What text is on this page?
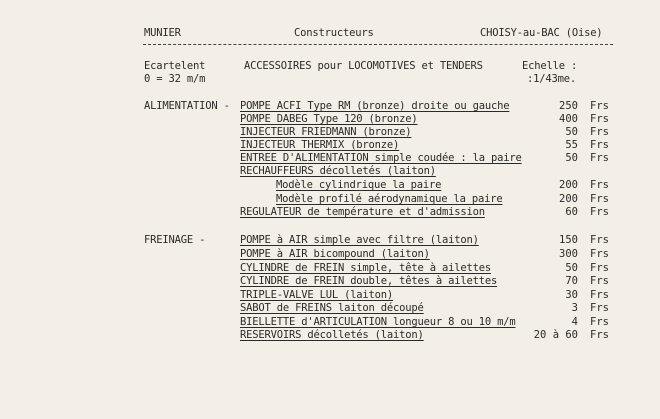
MUNIER	Constructeurs	CHOISY-au-BAC (Oise)
Ecartelent
0 = 32 m/m
ACCESSOIRES pour LOCOMOTIVES et TENDERS	Echelle :
:1/43me.
ALIMENTATION - POMPE ACFI Type RM (bronze) droite ou gauche	250 Frs
POMPE DABEG Type 120 (bronze)	400 Frs
INJECTEUR FRIEDMANN (bronze)	50 Frs
INJECTEUR THERMIX (bronze)	55 Frs
ENTREE D'ALIMENTATION simple coudée : la paire	50 Frs
RECHAUFFEURS décolletés (laiton)
Modèle cylindrique la paire	200 Frs
Modèle profilé aérodynamique la paire	200 Frs
REGULATEUR de température et d'admission	60 Frs
FREINAGE -	POMPE à AIR simple avec filtre (laiton)	150 Frs
POMPE à AIR bicompound (laiton)	300 Frs
CYLINDRE de FREIN simple, tête à ailettes	50 Frs
CYLINDRE de FREIN double, têtes à ailettes	70 Frs
TRIPLE-VALVE LUL (laiton)	30 Frs
SABOT de FREINS laiton découpé	3 Frs
BIELLETTE d'ARTICULATION longueur 8 ou 10 m/m	4 Frs
RESERVOIRS décolletés (laiton)	20 à 60 Frs
